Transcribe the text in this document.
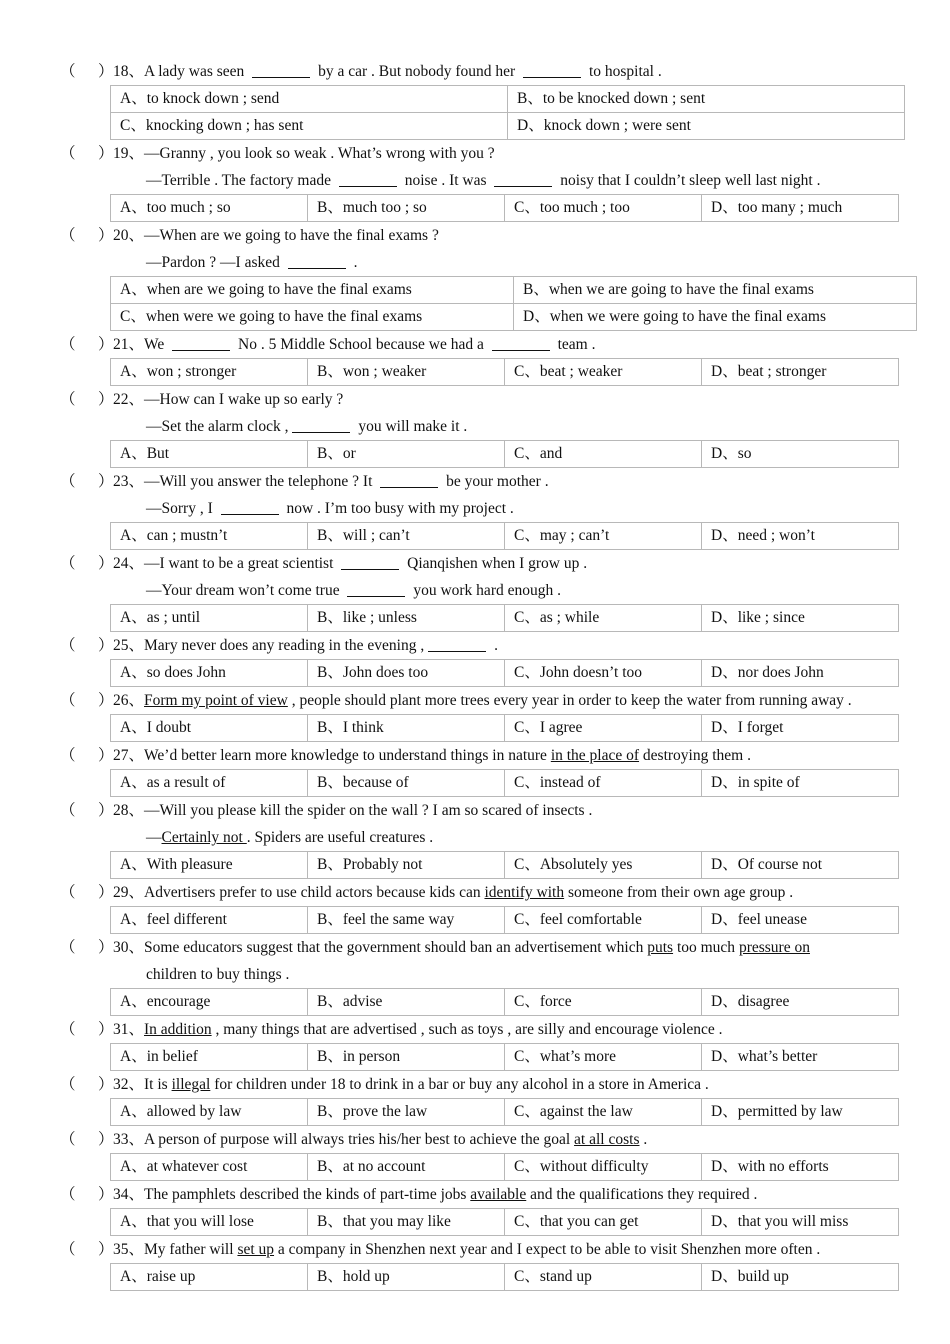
（ ） 18、A lady was seen	by a car . But nobody found her	to hospital .
A、to knock down ; send	B、to be knocked down ; sent
C、knocking down ; has sent	D、knock down ; were sent
（ ） 19、—Granny , you look so weak . What’s wrong with you ?
—Terrible . The factory made	noise . It was	noisy that I couldn’t sleep well last night .
A、too much ; so	B、much too ; so	C、too much ; too	D、too many ; much
（ ） 20、—When are we going to have the final exams ?
—Pardon ? —I asked	.
A、when are we going to have the final exams	B、when we are going to have the final exams
C、when were we going to have the final exams	D、when we were going to have the final exams
（ ） 21、We	No . 5 Middle School because we had a	team .
A、won ; stronger	B、won ; weaker	C、beat ; weaker	D、beat ; stronger
（ ） 22、—How can I wake up so early ?
—Set the alarm clock ,	you will make it .
A、But	B、or	C、and	D、so
（ ） 23、—Will you answer the telephone ? It	be your mother .
—Sorry , I	now . I’m too busy with my project .
A、can ; mustn’t	B、will ; can’t	C、may ; can’t	D、need ; won’t
（ ） 24、—I want to be a great scientist	Qianqishen when I grow up .
—Your dream won’t come true	you work hard enough .
A、as ; until	B、like ; unless	C、as ; while	D、like ; since
（ ） 25、Mary never does any reading in the evening ,	.
A、so does John	B、John does too	C、John doesn’t too	D、nor does John
（ ） 26、Form my point of view , people should plant more trees every year in order to keep the water from running away .
A、I doubt	B、I think	C、I agree	D、I forget
（ ） 27、We’d better learn more knowledge to understand things in nature in the place of destroying them .
A、as a result of	B、because of	C、instead of	D、in spite of
（ ） 28、—Will you please kill the spider on the wall ? I am so scared of insects .
—Certainly not . Spiders are useful creatures .
A、With pleasure	B、Probably not	C、Absolutely yes	D、Of course not
（ ） 29、Advertisers prefer to use child actors because kids can identify with someone from their own age group .
A、feel different	B、feel the same way	C、feel comfortable	D、feel unease
（ ） 30、Some educators suggest that the government should ban an advertisement which puts too much pressure on
children to buy things .
A、encourage	B、advise	C、force	D、disagree
（ ） 31、In addition , many things that are advertised , such as toys , are silly and encourage violence .
A、in belief	B、in person	C、what’s more	D、what’s better
（ ） 32、It is illegal for children under 18 to drink in a bar or buy any alcohol in a store in America .
A、allowed by law	B、prove the law	C、against the law	D、permitted by law
（ ） 33、A person of purpose will always tries his/her best to achieve the goal at all costs .
A、at whatever cost	B、at no account	C、without difficulty	D、with no efforts
（ ） 34、The pamphlets described the kinds of part-time jobs available and the qualifications they required .
A、that you will lose	B、that you may like	C、that you can get	D、that you will miss
（ ） 35、My father will set up a company in Shenzhen next year and I expect to be able to visit Shenzhen more often .
A、raise up	B、hold up	C、stand up	D、build up
